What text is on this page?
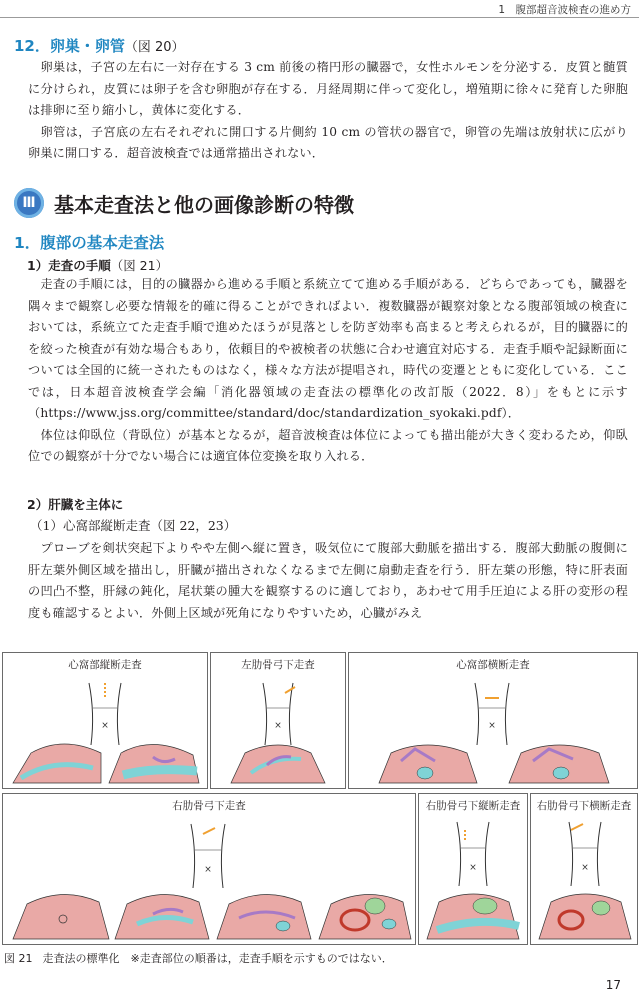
1　腹部超音波検査の進め方
12．卵巣・卵管（図 20）

卵巣は，子宮の左右に一対存在する 3 cm 前後の楕円形の臓器で，女性ホルモンを分泌する．皮質と髄質に分けられ，皮質には卵子を含む卵胞が存在する．月経周期に伴って変化し，増殖期に徐々に発育した卵胞は排卵に至り縮小し，黄体に変化する．

卵管は，子宮底の左右それぞれに開口する片側約 10 cm の管状の器官で，卵管の先端は放射状に広がり卵巣に開口する．超音波検査では通常描出されない．

Ⅲ 基本走査法と他の画像診断の特徴
1．腹部の基本走査法
1）走査の手順（図 21）

走査の手順には，目的の臓器から進める手順と系統立てて進める手順がある．どちらであっても，臓器を隅々まで観察し必要な情報を的確に得ることができればよい．複数臓器が観察対象となる腹部領域の検査においては，系統立てた走査手順で進めたほうが見落としを防ぎ効率も高まると考えられるが，目的臓器に的を絞った検査が有効な場合もあり，依頼目的や被検者の状態に合わせ適宜対応する．走査手順や記録断面については全国的に統一されたものはなく，様々な方法が提唱され，時代の変遷とともに変化している．ここでは，日本超音波検査学会編「消化器領域の走査法の標準化の改訂版（2022．8）」をもとに示す（https://www.jss.org/committee/standard/doc/standardization_syokaki.pdf）．

体位は仰臥位（背臥位）が基本となるが，超音波検査は体位によっても描出能が大きく変わるため，仰臥位での観察が十分でない場合には適宜体位変換を取り入れる．

2）肝臓を主体に
（1）心窩部縦断走査（図 22，23）

プローブを剣状突起下よりやや左側へ縦に置き，吸気位にて腹部大動脈を描出する．腹部大動脈の腹側に肝左葉外側区域を描出し，肝臓が描出されなくなるまで左側に扇動走査を行う．肝左葉の形態，特に肝表面の凹凸不整，肝縁の鈍化，尾状葉の腫大を観察するのに適しており，あわせて用手圧迫による肝の変形の程度も確認するとよい．外側上区域が死角になりやすいため，心臓がみえ

心窩部縦断走査
×
左肋骨弓下走査
×
心窩部横断走査
×
右肋骨弓下走査
×
右肋骨弓下縦断走査
×
右肋骨弓下横断走査
×
図 21 走査法の標準化　※走査部位の順番は，走査手順を示すものではない．
17
